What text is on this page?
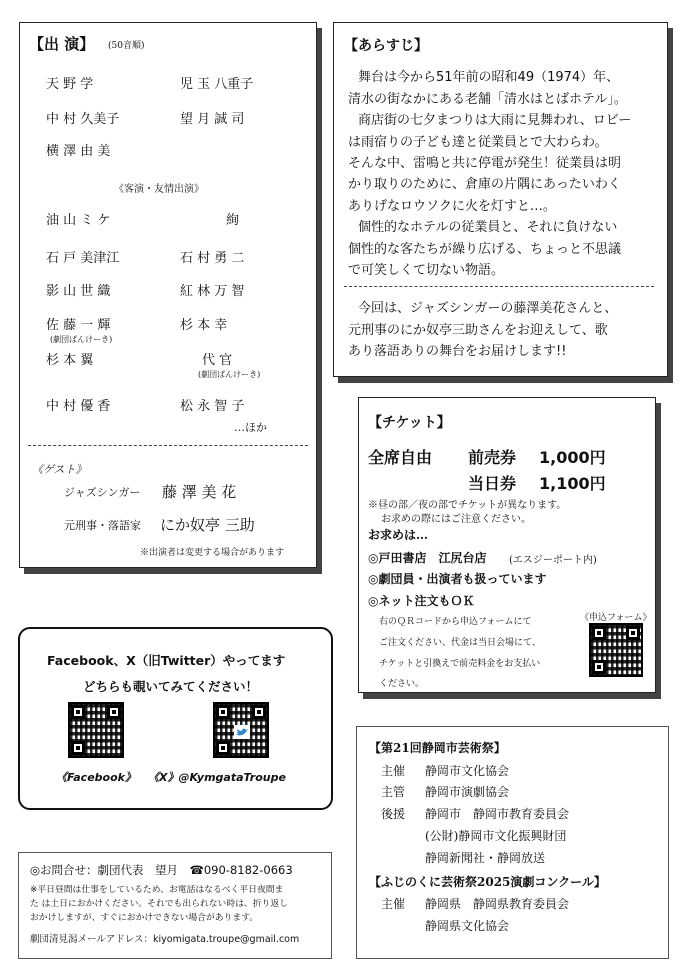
【出 演】 (50音順)
天 野 学	児 玉 八重子
中 村 久美子	望 月 誠 司
横 澤 由 美
《客演・友情出演》
油 山 ミ ケ	絢
石 戸 美津江	石 村 勇 二
影 山 世 織	紅 林 万 智
佐 藤 一 輝	杉 本 幸
(劇団ぱんけーき)
杉 本 翼	代 官
(劇団ぱんけーき)
中 村 優 香	松 永 智 子
…ほか
《ゲスト》
ジャズシンガー 藤 澤 美 花
元刑事・落語家 にか奴亭 三助
※出演者は変更する場合があります
【あらすじ】
舞台は今から51年前の昭和49（1974）年、
清水の街なかにある老舗「清水はとばホテル」。
商店街の七夕まつりは大雨に見舞われ、ロビー
は雨宿りの子ども達と従業員とで大わらわ。
そんな中、雷鳴と共に停電が発生！従業員は明
かり取りのために、倉庫の片隅にあったいわく
ありげなロウソクに火を灯すと…。
個性的なホテルの従業員と、それに負けない
個性的な客たちが繰り広げる、ちょっと不思議
で可笑しくて切ない物語。
今回は、ジャズシンガーの藤澤美花さんと、
元刑事のにか奴亭三助さんをお迎えして、歌
あり落語ありの舞台をお届けします!!
【チケット】
全席自由 前売券 1,000円
当日券 1,100円
※昼の部／夜の部でチケットが異なります。
お求めの際にはご注意ください。
お求めは…
◎戸田書店　江尻台店 (エスジーポート内)
◎劇団員・出演者も扱っています
◎ネット注文もＯＫ
《申込フォーム》
右のＱＲコードから申込フォームにて
ご注文ください、代金は当日会場にて、
チケットと引換えで前売料金をお支払い
ください。
Facebook、X（旧Twitter）やってます
どちらも覗いてみてください！
《Facebook》 《X》@KymgataTroupe
【第21回静岡市芸術祭】
主催 静岡市文化協会
主管 静岡市演劇協会
後援 静岡市　静岡市教育委員会
(公財)静岡市文化振興財団
静岡新聞社・静岡放送
【ふじのくに芸術祭2025演劇コンクール】
主催 静岡県　静岡県教育委員会
静岡県文化協会
◎お問合せ：劇団代表　望月　☎090-8182-0663
※平日昼間は仕事をしているため、お電話はなるべく平日夜間ま
た は土日におかけください。それでも出られない時は、折り返し
おかけしますが、すぐにおかけできない場合があります。
劇団清見潟メールアドレス：kiyomigata.troupe@gmail.com
